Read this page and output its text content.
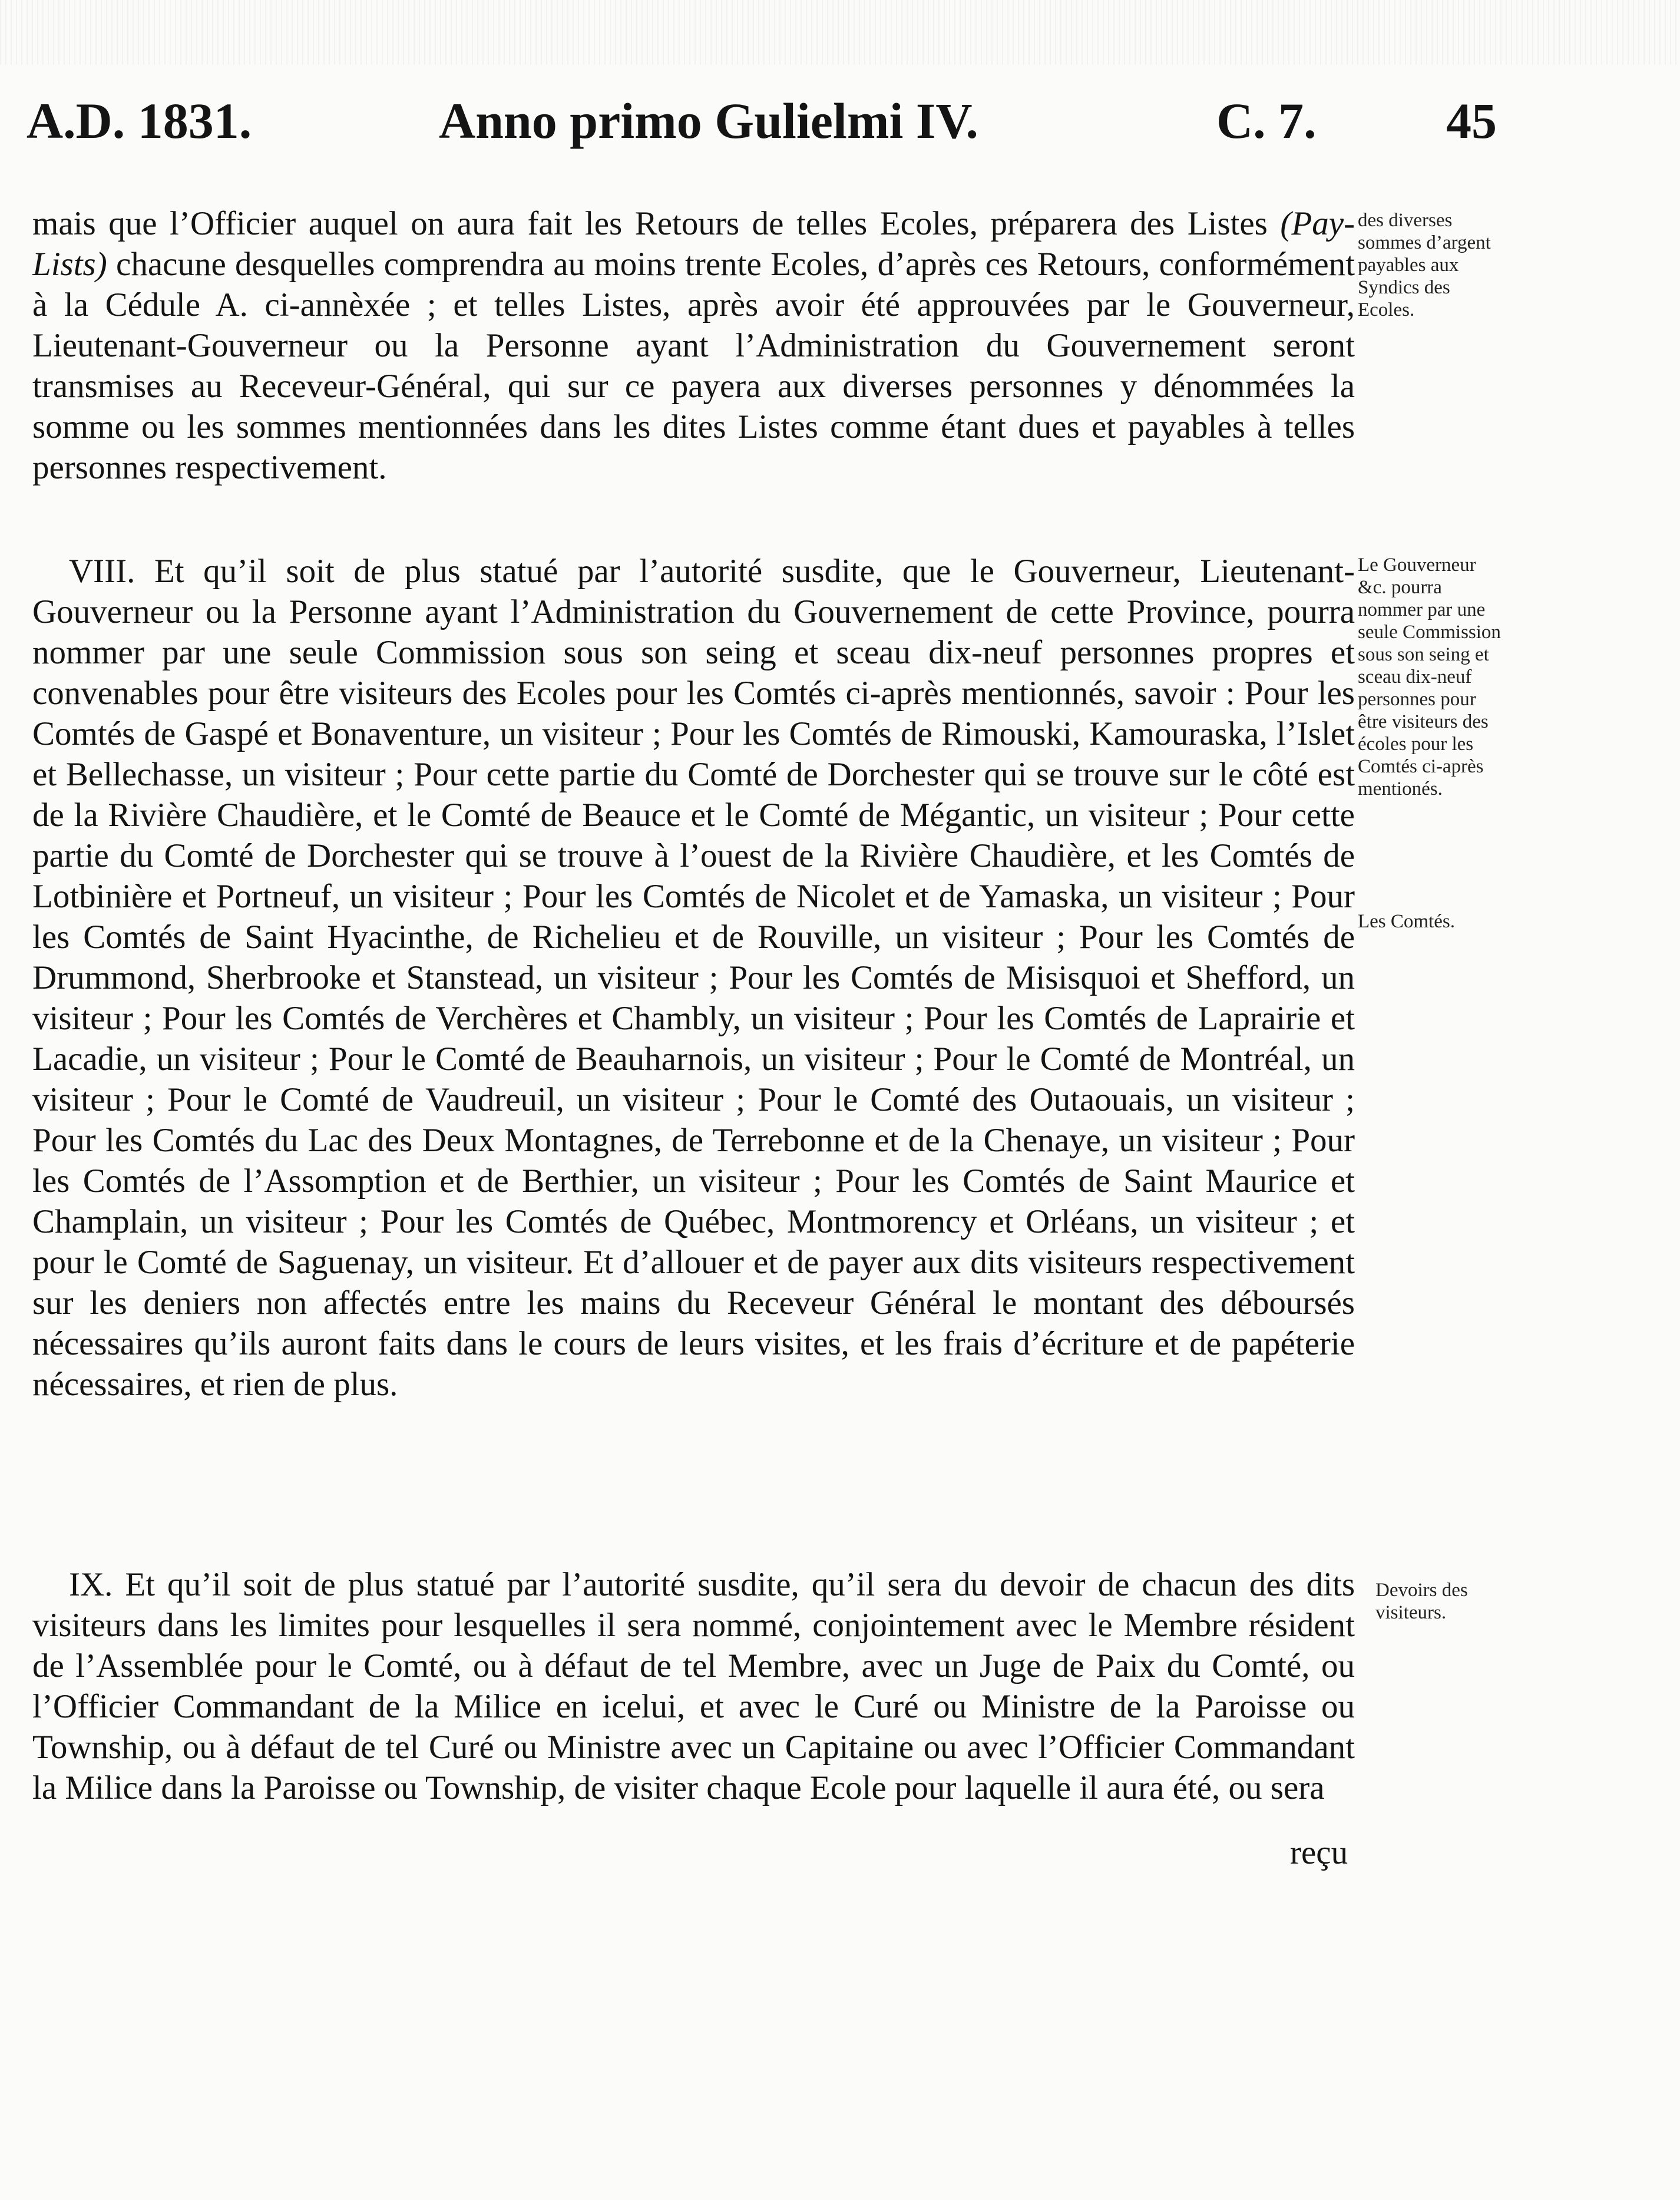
A.D. 1831.	Anno primo Gulielmi IV.	C. 7.	45

mais que l’Officier auquel on aura fait les Retours de telles Ecoles, préparera des Listes (Pay-Lists) chacune desquelles comprendra au moins trente Ecoles, d’après ces Retours, conformément à la Cédule A. ci-annèxée ; et telles Listes, après avoir été approuvées par le Gouverneur, Lieutenant-Gouverneur ou la Personne ayant l’Administration du Gouvernement seront transmises au Receveur-Général, qui sur ce payera aux diverses personnes y dénommées la somme ou les sommes mentionnées dans les dites Listes comme étant dues et payables à telles personnes respectivement.

des diverses sommes d’argent payables aux Syndics des Ecoles.

VIII. Et qu’il soit de plus statué par l’autorité susdite, que le Gouverneur, Lieutenant-Gouverneur ou la Personne ayant l’Administration du Gouvernement de cette Province, pourra nommer par une seule Commission sous son seing et sceau dix-neuf personnes propres et convenables pour être visiteurs des Ecoles pour les Comtés ci-après mentionnés, savoir : Pour les Comtés de Gaspé et Bonaventure, un visiteur ; Pour les Comtés de Rimouski, Kamouraska, l’Islet et Bellechasse, un visiteur ; Pour cette partie du Comté de Dorchester qui se trouve sur le côté est de la Rivière Chaudière, et le Comté de Beauce et le Comté de Mégantic, un visiteur ; Pour cette partie du Comté de Dorchester qui se trouve à l’ouest de la Rivière Chaudière, et les Comtés de Lotbinière et Portneuf, un visiteur ; Pour les Comtés de Nicolet et de Yamaska, un visiteur ; Pour les Comtés de Saint Hyacinthe, de Richelieu et de Rouville, un visiteur ; Pour les Comtés de Drummond, Sherbrooke et Stanstead, un visiteur ; Pour les Comtés de Misisquoi et Shefford, un visiteur ; Pour les Comtés de Verchères et Chambly, un visiteur ; Pour les Comtés de Laprairie et Lacadie, un visiteur ; Pour le Comté de Beauharnois, un visiteur ; Pour le Comté de Montréal, un visiteur ; Pour le Comté de Vaudreuil, un visiteur ; Pour le Comté des Outaouais, un visiteur ; Pour les Comtés du Lac des Deux Montagnes, de Terrebonne et de la Chenaye, un visiteur ; Pour les Comtés de l’Assomption et de Berthier, un visiteur ; Pour les Comtés de Saint Maurice et Champlain, un visiteur ; Pour les Comtés de Québec, Montmorency et Orléans, un visiteur ; et pour le Comté de Saguenay, un visiteur. Et d’allouer et de payer aux dits visiteurs respectivement sur les deniers non affectés entre les mains du Receveur Général le montant des déboursés nécessaires qu’ils auront faits dans le cours de leurs visites, et les frais d’écriture et de papéterie nécessaires, et rien de plus.

Le Gouverneur &c. pourra nommer par une seule Commission sous son seing et sceau dix-neuf personnes pour être visiteurs des écoles pour les Comtés ci-après mentionés.
Les Comtés.

IX. Et qu’il soit de plus statué par l’autorité susdite, qu’il sera du devoir de chacun des dits visiteurs dans les limites pour lesquelles il sera nommé, conjointement avec le Membre résident de l’Assemblée pour le Comté, ou à défaut de tel Membre, avec un Juge de Paix du Comté, ou l’Officier Commandant de la Milice en icelui, et avec le Curé ou Ministre de la Paroisse ou Township, ou à défaut de tel Curé ou Ministre avec un Capitaine ou avec l’Officier Commandant la Milice dans la Paroisse ou Township, de visiter chaque Ecole pour laquelle il aura été, ou sera

Devoirs des visiteurs.
reçu
